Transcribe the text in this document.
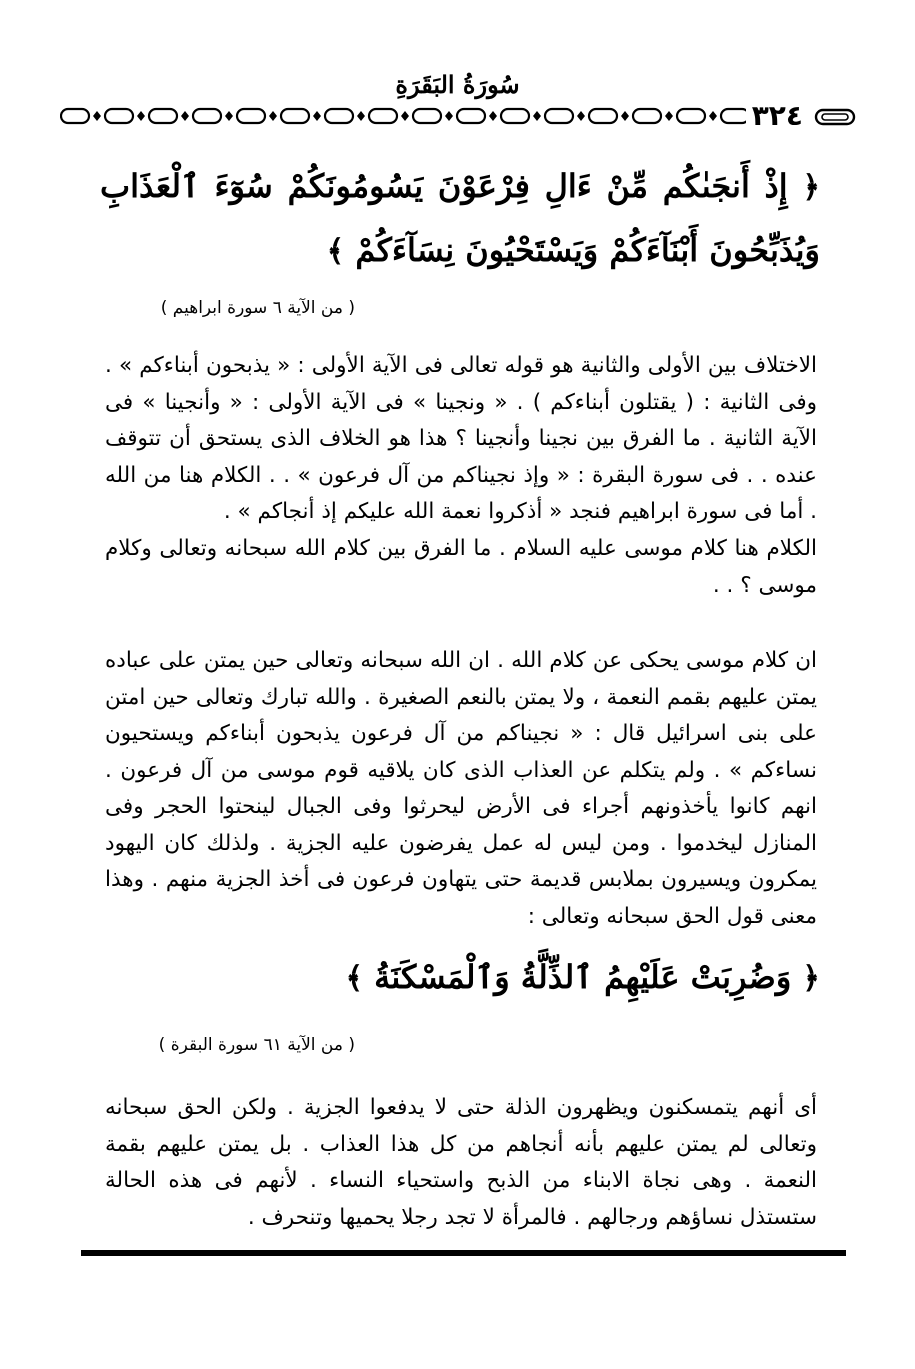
سُورَةُ البَقَرَةِ
٣٢٤
﴿ إِذْ أَنجَىٰكُم مِّنْ ءَالِ فِرْعَوْنَ يَسُومُونَكُمْ سُوٓءَ ٱلْعَذَابِ وَيُذَبِّحُونَ أَبْنَآءَكُمْ وَيَسْتَحْيُونَ نِسَآءَكُمْ ﴾
( من الآية ٦ سورة ابراهيم )

الاختلاف بين الأولى والثانية هو قوله تعالى فى الآية الأولى : « يذبحون أبناءكم » . وفى الثانية : ( يقتلون أبناءكم ) . « ونجينا » فى الآية الأولى : « وأنجينا » فى الآية الثانية . ما الفرق بين نجينا وأنجينا ؟ هذا هو الخلاف الذى يستحق أن تتوقف عنده . . فى سورة البقرة : « وإذ نجيناكم من آل فرعون » . . الكلام هنا من الله . أما فى سورة ابراهيم فنجد « أذكروا نعمة الله عليكم إذ أنجاكم » .

الكلام هنا كلام موسى عليه السلام . ما الفرق بين كلام الله سبحانه وتعالى وكلام موسى ؟ . .

ان كلام موسى يحكى عن كلام الله . ان الله سبحانه وتعالى حين يمتن على عباده يمتن عليهم بقمم النعمة ، ولا يمتن بالنعم الصغيرة . والله تبارك وتعالى حين امتن على بنى اسرائيل قال : « نجيناكم من آل فرعون يذبحون أبناءكم ويستحيون نساءكم » . ولم يتكلم عن العذاب الذى كان يلاقيه قوم موسى من آل فرعون . انهم كانوا يأخذونهم أجراء فى الأرض ليحرثوا وفى الجبال لينحتوا الحجر وفى المنازل ليخدموا . ومن ليس له عمل يفرضون عليه الجزية . ولذلك كان اليهود يمكرون ويسيرون بملابس قديمة حتى يتهاون فرعون فى أخذ الجزية منهم . وهذا معنى قول الحق سبحانه وتعالى :

﴿ وَضُرِبَتْ عَلَيْهِمُ ٱلذِّلَّةُ وَٱلْمَسْكَنَةُ ﴾
( من الآية ٦١ سورة البقرة )

أى أنهم يتمسكنون ويظهرون الذلة حتى لا يدفعوا الجزية . ولكن الحق سبحانه وتعالى لم يمتن عليهم بأنه أنجاهم من كل هذا العذاب . بل يمتن عليهم بقمة النعمة . وهى نجاة الابناء من الذبح واستحياء النساء . لأنهم فى هذه الحالة ستستذل نساؤهم ورجالهم . فالمرأة لا تجد رجلا يحميها وتنحرف .
